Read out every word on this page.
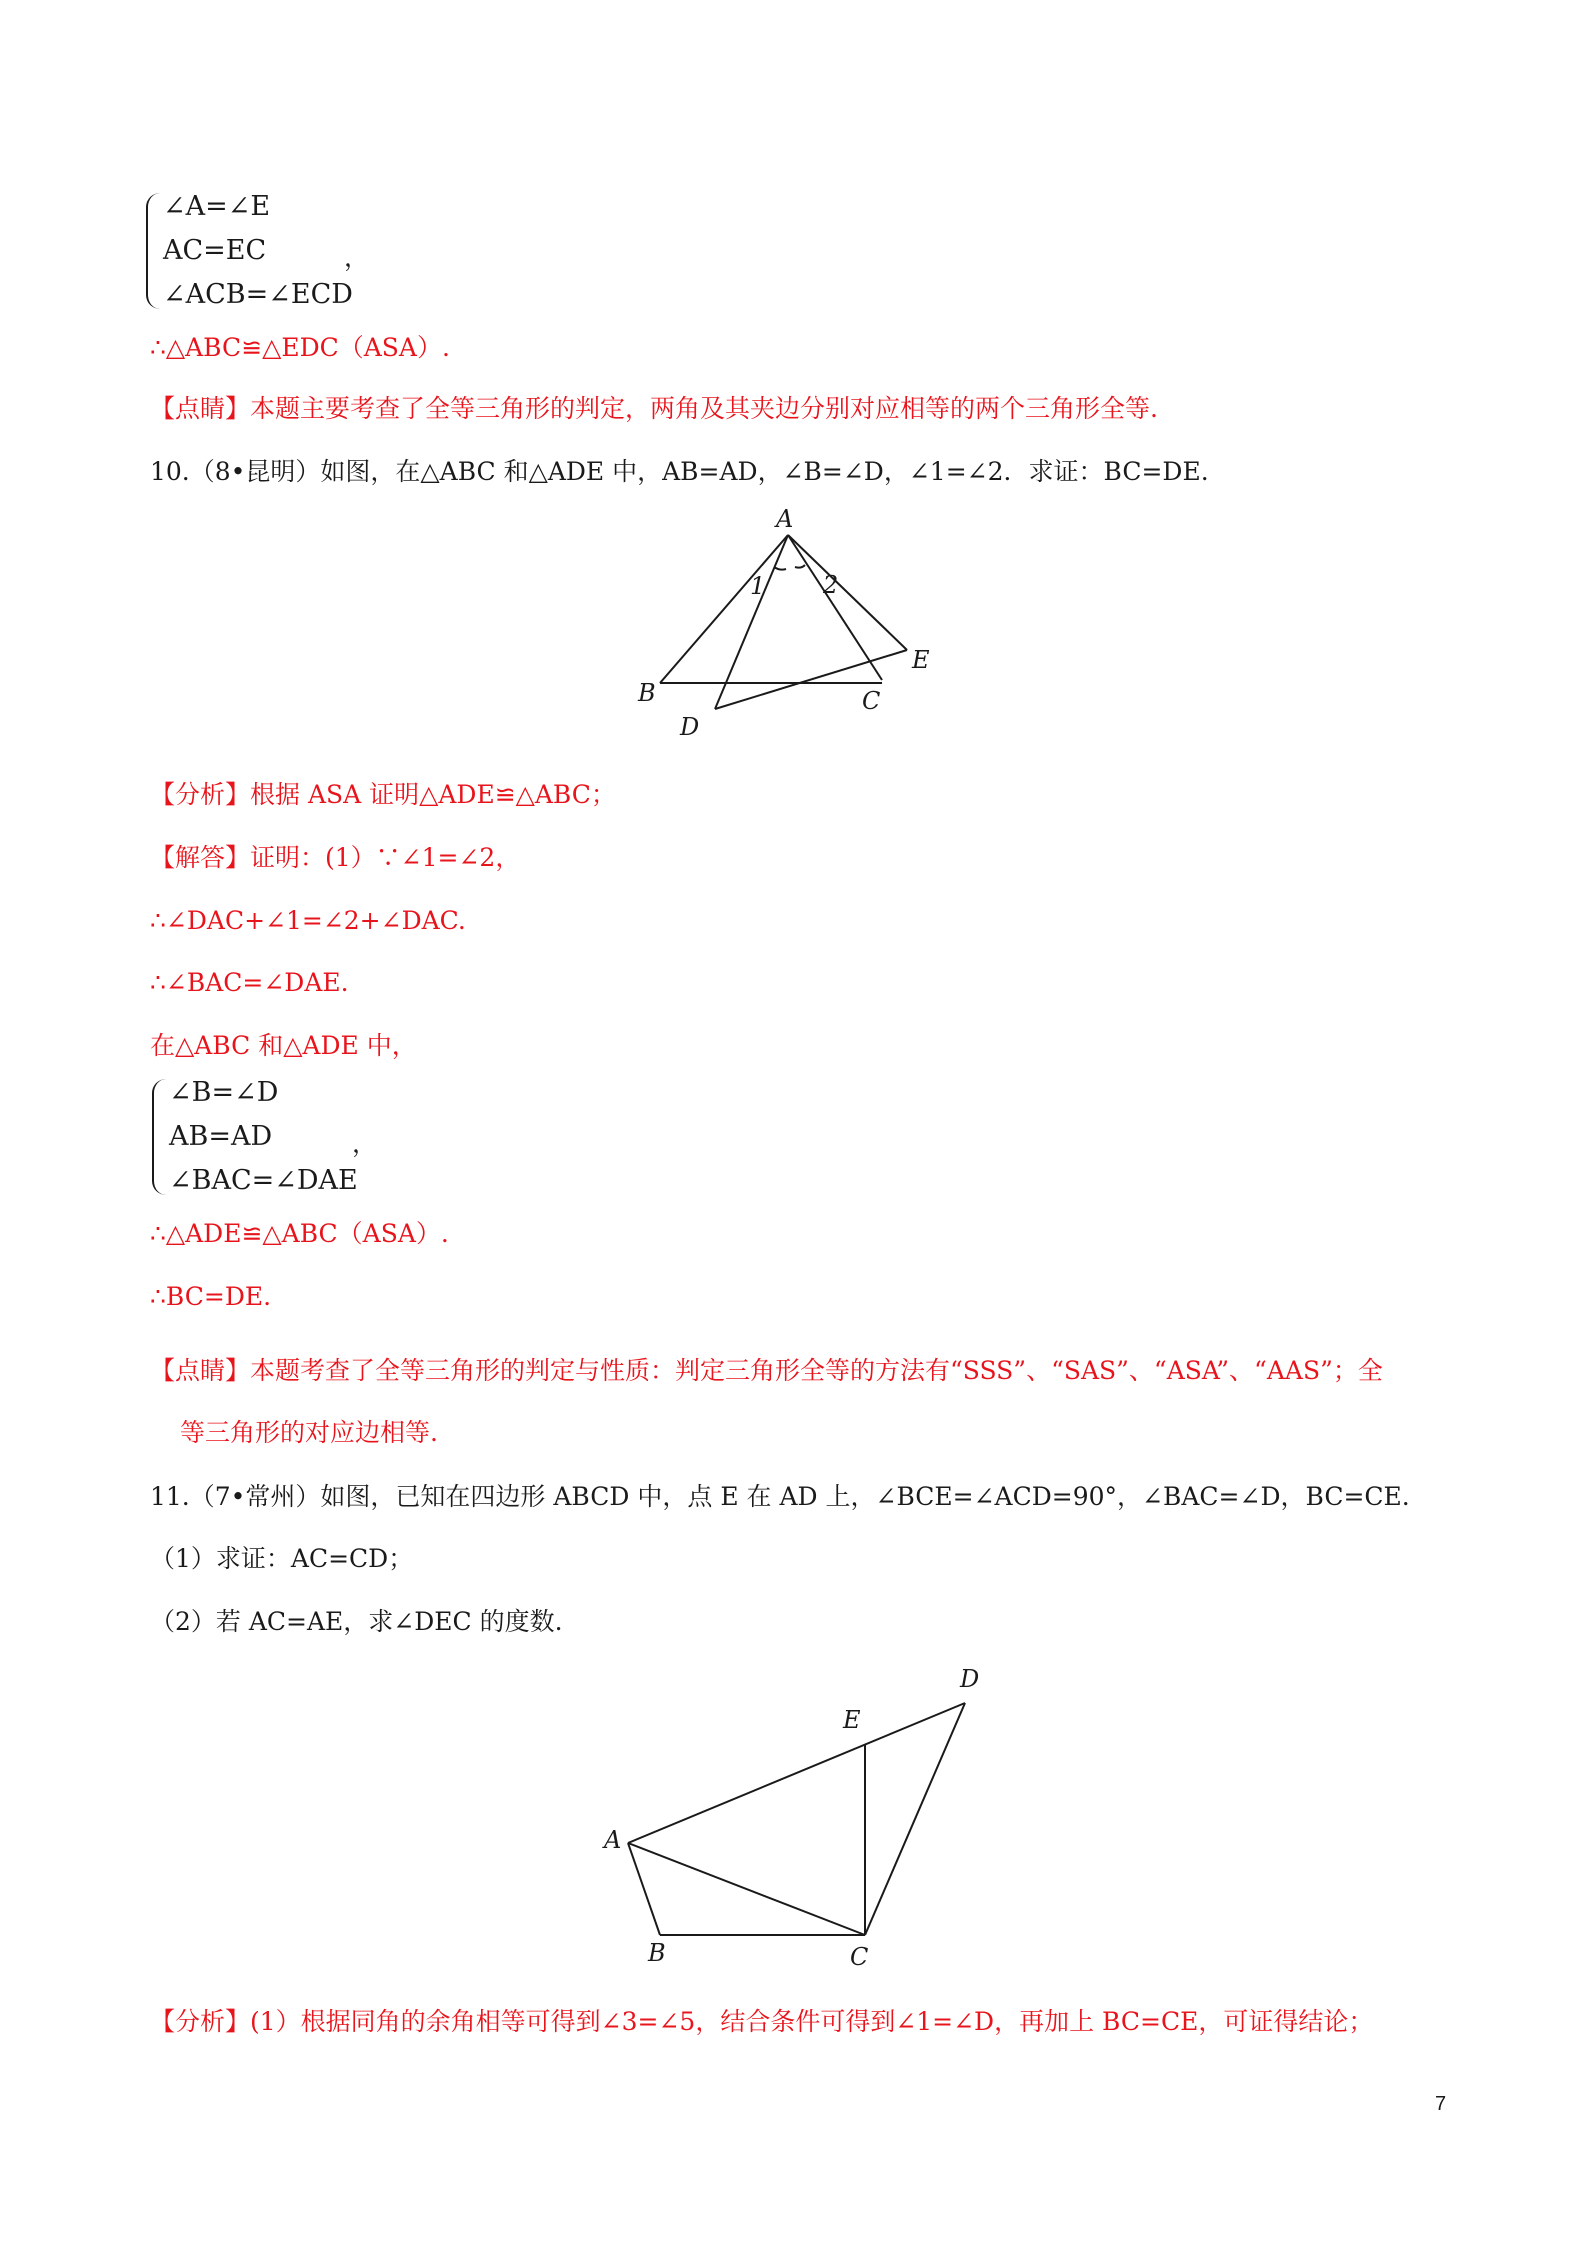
∠A=∠E
AC=EC
∠ACB=∠ECD
，
∴△ABC≌△EDC（ASA）.
【点睛】本题主要考查了全等三角形的判定，两角及其夹边分别对应相等的两个三角形全等.
10.（8•昆明）如图，在△ABC 和△ADE 中，AB=AD，∠B=∠D，∠1=∠2．求证：BC=DE.
A
B	C
D
E
1 2
【分析】根据 ASA 证明△ADE≌△ABC；
【解答】证明：(1）∵∠1=∠2，
∴∠DAC+∠1=∠2+∠DAC.
∴∠BAC=∠DAE.
在△ABC 和△ADE 中，
∠B=∠D
AB=AD
∠BAC=∠DAE
，
∴△ADE≌△ABC（ASA）.
∴BC=DE.
【点睛】本题考查了全等三角形的判定与性质：判定三角形全等的方法有“SSS”、“SAS”、“ASA”、“AAS”；全
等三角形的对应边相等.
11.（7•常州）如图，已知在四边形 ABCD 中，点 E 在 AD 上，∠BCE=∠ACD=90°，∠BAC=∠D，BC=CE.
（1）求证：AC=CD；
（2）若 AC=AE，求∠DEC 的度数.
A
B	C
D
E
【分析】(1）根据同角的余角相等可得到∠3=∠5，结合条件可得到∠1=∠D，再加上 BC=CE，可证得结论；
7
